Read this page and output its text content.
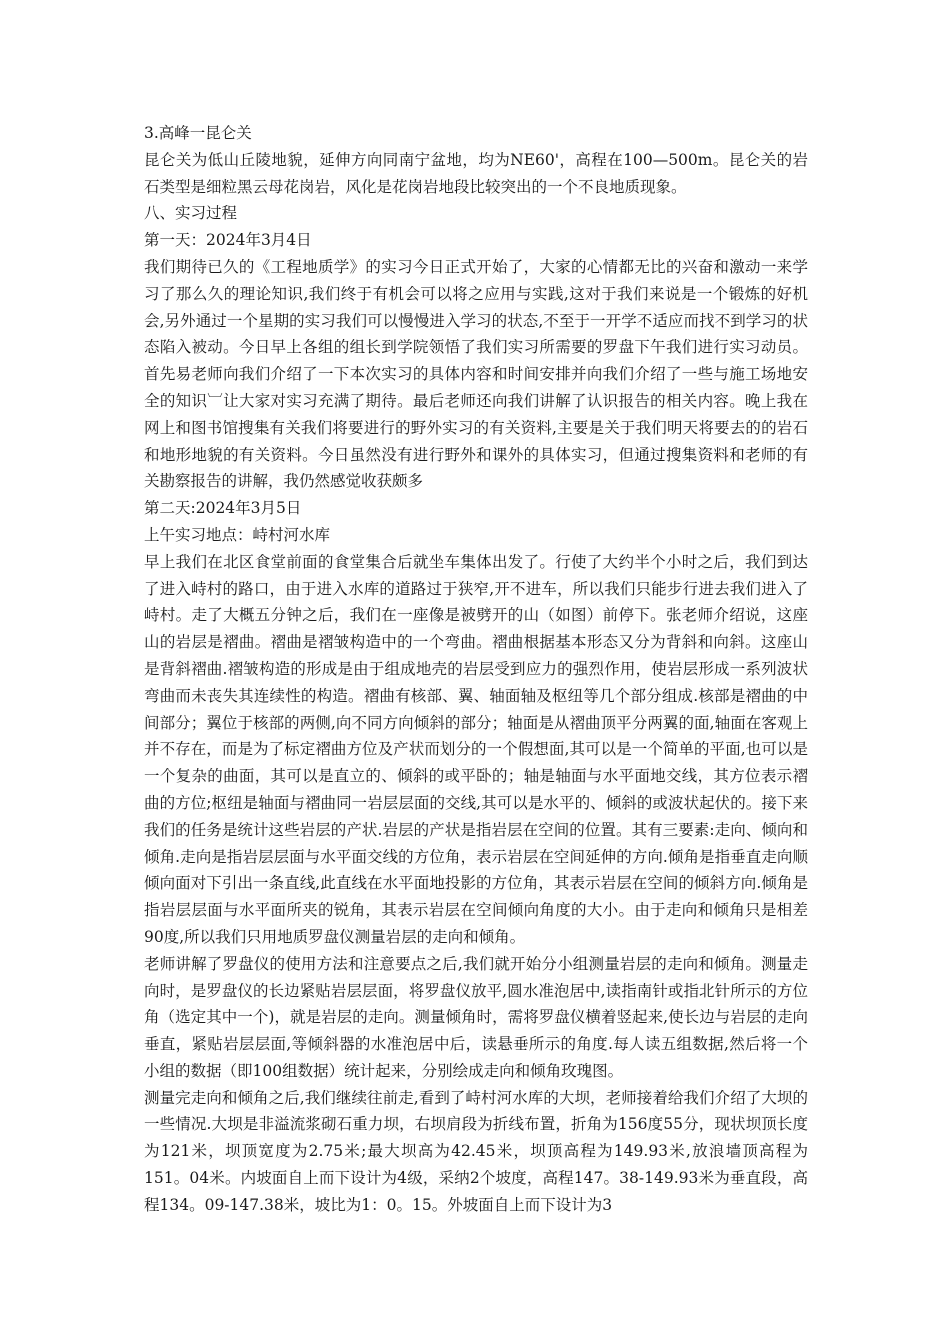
3.高峰一昆仑关

昆仑关为低山丘陵地貌，延伸方向同南宁盆地，均为NE60'，高程在100—500m。昆仑关的岩石类型是细粒黑云母花岗岩，风化是花岗岩地段比较突出的一个不良地质现象。

八、实习过程

第一天：2024年3月4日

我们期待已久的《工程地质学》的实习今日正式开始了，大家的心情都无比的兴奋和激动一来学习了那么久的理论知识,我们终于有机会可以将之应用与实践,这对于我们来说是一个锻炼的好机会,另外通过一个星期的实习我们可以慢慢进入学习的状态,不至于一开学不适应而找不到学习的状态陷入被动。今日早上各组的组长到学院领悟了我们实习所需要的罗盘下午我们进行实习动员。首先易老师向我们介绍了一下本次实习的具体内容和时间安排并向我们介绍了一些与施工场地安全的知识︺让大家对实习充满了期待。最后老师还向我们讲解了认识报告的相关内容。晚上我在网上和图书馆搜集有关我们将要进行的野外实习的有关资料,主要是关于我们明天将要去的的岩石和地形地貌的有关资料。今日虽然没有进行野外和课外的具体实习，但通过搜集资料和老师的有关勘察报告的讲解，我仍然感觉收获颇多

第二天:2024年3月5日

上午实习地点：峙村河水库

早上我们在北区食堂前面的食堂集合后就坐车集体出发了。行使了大约半个小时之后，我们到达了进入峙村的路口，由于进入水库的道路过于狭窄,开不进车，所以我们只能步行进去我们进入了峙村。走了大概五分钟之后，我们在一座像是被劈开的山（如图）前停下。张老师介绍说，这座山的岩层是褶曲。褶曲是褶皱构造中的一个弯曲。褶曲根据基本形态又分为背斜和向斜。这座山是背斜褶曲.褶皱构造的形成是由于组成地壳的岩层受到应力的强烈作用，使岩层形成一系列波状弯曲而未丧失其连续性的构造。褶曲有核部、翼、轴面轴及枢纽等几个部分组成.核部是褶曲的中间部分；翼位于核部的两侧,向不同方向倾斜的部分；轴面是从褶曲顶平分两翼的面,轴面在客观上并不存在，而是为了标定褶曲方位及产状而划分的一个假想面,其可以是一个简单的平面,也可以是一个复杂的曲面，其可以是直立的、倾斜的或平卧的；轴是轴面与水平面地交线，其方位表示褶曲的方位;枢纽是轴面与褶曲同一岩层层面的交线,其可以是水平的、倾斜的或波状起伏的。接下来我们的任务是统计这些岩层的产状.岩层的产状是指岩层在空间的位置。其有三要素:走向、倾向和倾角.走向是指岩层层面与水平面交线的方位角，表示岩层在空间延伸的方向.倾角是指垂直走向顺倾向面对下引出一条直线,此直线在水平面地投影的方位角，其表示岩层在空间的倾斜方向.倾角是指岩层层面与水平面所夹的锐角，其表示岩层在空间倾向角度的大小。由于走向和倾角只是相差90度,所以我们只用地质罗盘仪测量岩层的走向和倾角。

老师讲解了罗盘仪的使用方法和注意要点之后,我们就开始分小组测量岩层的走向和倾角。测量走向时，是罗盘仪的长边紧贴岩层层面，将罗盘仪放平,圆水准泡居中,读指南针或指北针所示的方位角（选定其中一个)，就是岩层的走向。测量倾角时，需将罗盘仪横着竖起来,使长边与岩层的走向垂直，紧贴岩层层面,等倾斜器的水准泡居中后，读悬垂所示的角度.每人读五组数据,然后将一个小组的数据（即100组数据）统计起来，分别绘成走向和倾角玫瑰图。

测量完走向和倾角之后,我们继续往前走,看到了峙村河水库的大坝，老师接着给我们介绍了大坝的一些情况.大坝是非溢流浆砌石重力坝，右坝肩段为折线布置，折角为156度55分，现状坝顶长度为121米，坝顶宽度为2.75米;最大坝高为42.45米，坝顶高程为149.93米,放浪墙顶高程为151。04米。内坡面自上而下设计为4级，采纳2个坡度，高程147。38-149.93米为垂直段，高程134。09-147.38米，坡比为1：0。15。外坡面自上而下设计为3
